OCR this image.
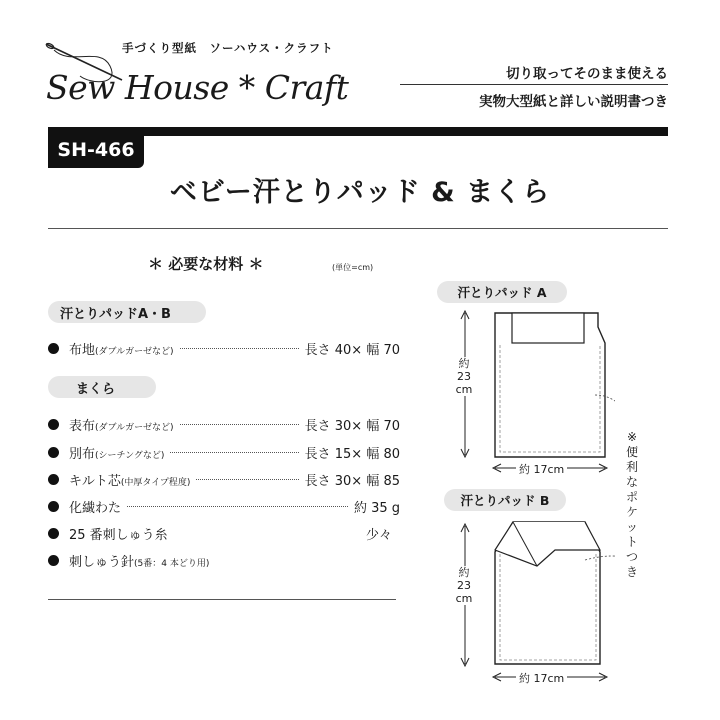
手づくり型紙　ソーハウス・クラフト
Sew House * Craft	切り取ってそのまま使える
実物大型紙と詳しい説明書つき
SH-466
ベビー汗とりパッド & まくら
＊ 必要な材料 ＊	(単位=cm)
汗とりパッドA・B
布地(ダブルガーゼなど)	長さ 40× 幅 70
まくら
表布(ダブルガーゼなど)	長さ 30× 幅 70
別布(シーチングなど)	長さ 15× 幅 80
キルト芯(中厚タイプ程度)	長さ 30× 幅 85
化繊わた	約 35 g
25 番刺しゅう糸	少々
刺しゅう針(5番：4 本どり用)
汗とりパッド A
約
23
cm
約 17cm
※便利なポケットつき
汗とりパッド B
約
23
cm
約 17cm
